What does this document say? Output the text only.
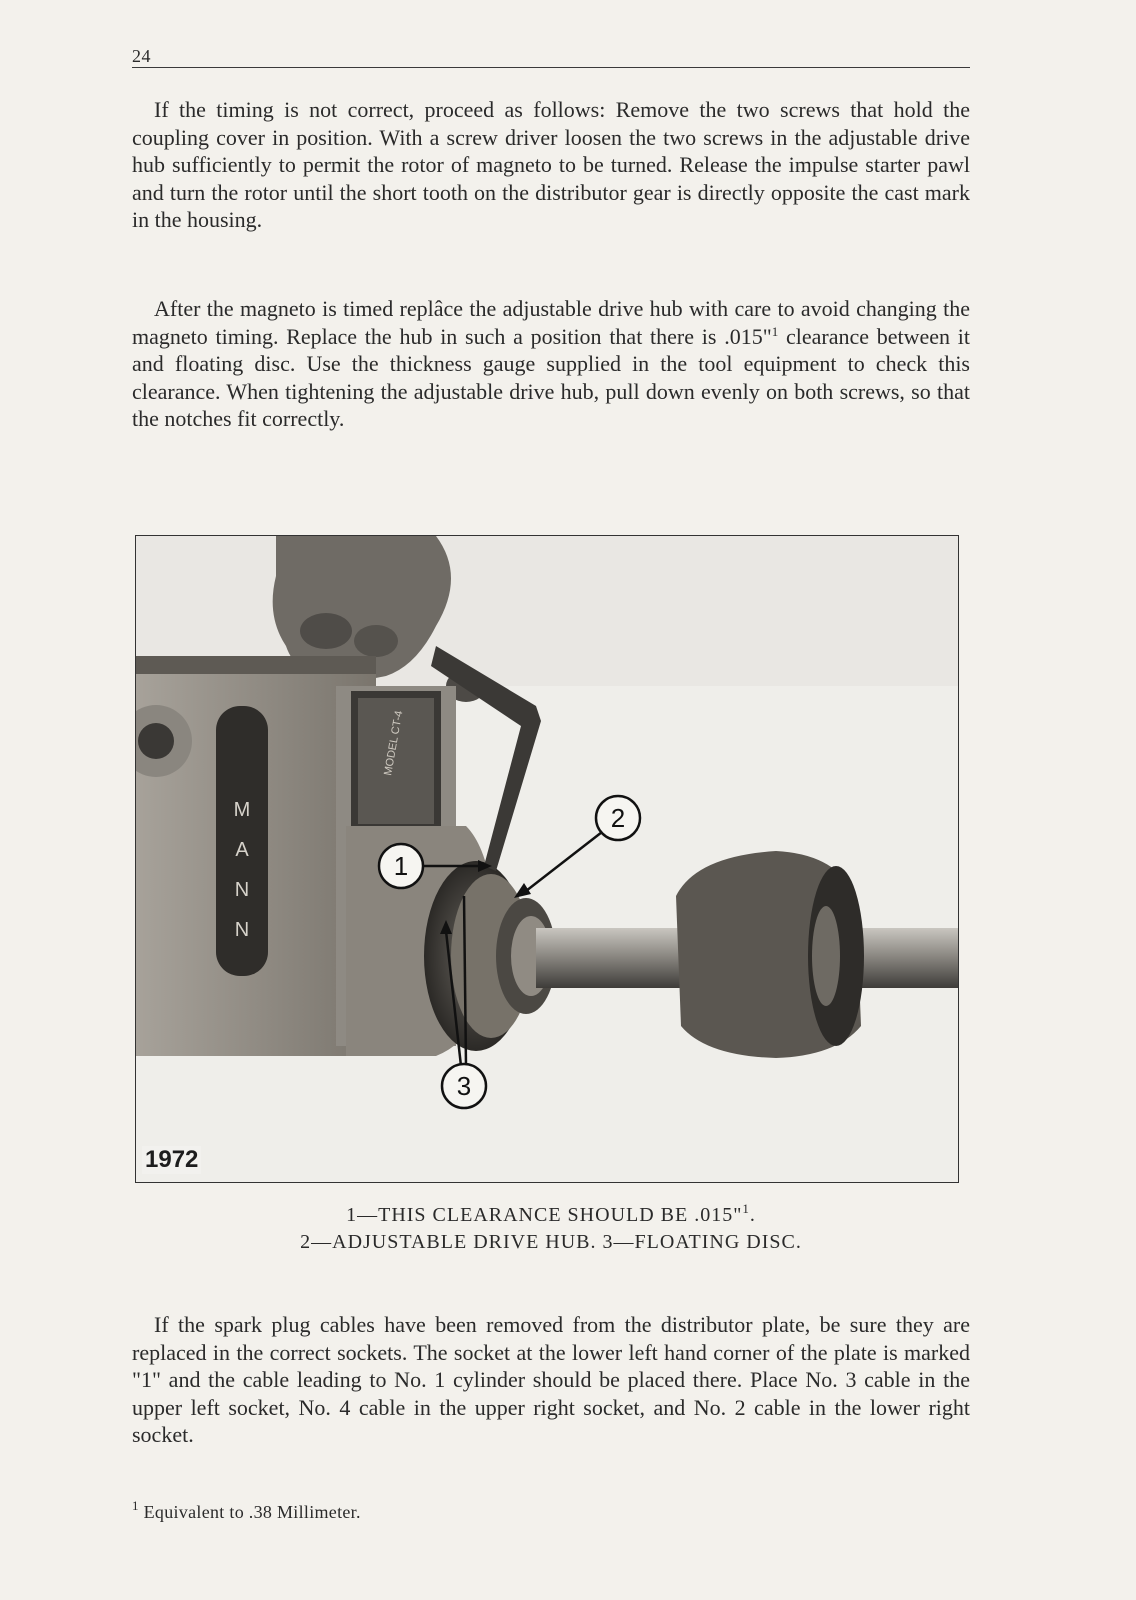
24

If the timing is not correct, proceed as follows: Remove the two screws that hold the coupling cover in position. With a screw driver loosen the two screws in the adjustable drive hub sufficiently to permit the rotor of magneto to be turned. Release the impulse starter pawl and turn the rotor until the short tooth on the distributor gear is directly opposite the cast mark in the housing.

After the magneto is timed replâce the adjustable drive hub with care to avoid changing the magneto timing. Replace the hub in such a position that there is .015"$^1$ clearance between it and floating disc. Use the thickness gauge supplied in the tool equipment to check this clearance. When tightening the adjustable drive hub, pull down evenly on both screws, so that the notches fit correctly.

M
A
N
N
MODEL CT-4
1
2
3
1972
1—THIS CLEARANCE SHOULD BE .015"$^1$.
2—ADJUSTABLE DRIVE HUB. 3—FLOATING DISC.

If the spark plug cables have been removed from the distributor plate, be sure they are replaced in the correct sockets. The socket at the lower left hand corner of the plate is marked "1" and the cable leading to No. 1 cylinder should be placed there. Place No. 3 cable in the upper left socket, No. 4 cable in the upper right socket, and No. 2 cable in the lower right socket.

$^1$ Equivalent to .38 Millimeter.
